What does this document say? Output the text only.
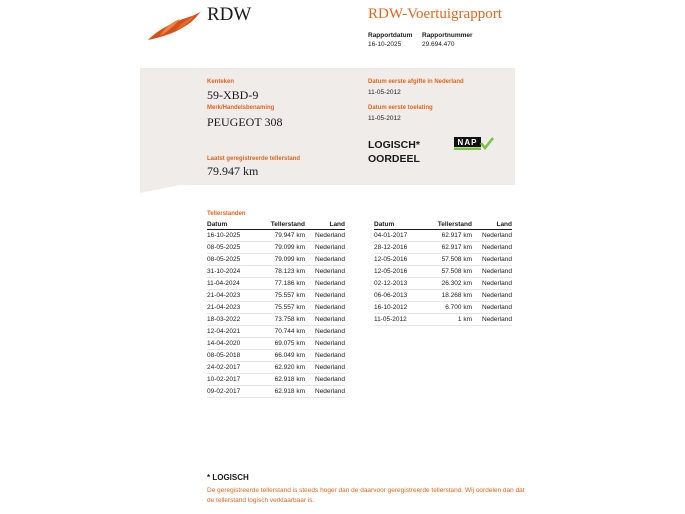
RDW	RDW-Voertuigrapport
Rapportdatum
16-10-2025
Rapportnummer
29.694.470
Kenteken
59-XBD-9
Merk/Handelsbenaming
PEUGEOT 308
Laatst geregistreerde tellerstand
79.947 km
Datum eerste afgifte in Nederland
11-05-2012
Datum eerste toelating
11-05-2012
LOGISCH*
OORDEEL
NAP
Tellerstanden
Datum	Tellerstand	Land
16-10-2025	79.947 km	Nederland
08-05-2025	79.099 km	Nederland
08-05-2025	79.099 km	Nederland
31-10-2024	78.123 km	Nederland
11-04-2024	77.186 km	Nederland
21-04-2023	75.557 km	Nederland
21-04-2023	75.557 km	Nederland
18-03-2022	73.758 km	Nederland
12-04-2021	70.744 km	Nederland
14-04-2020	69.075 km	Nederland
08-05-2018	66.049 km	Nederland
24-02-2017	62.920 km	Nederland
10-02-2017	62.918 km	Nederland
09-02-2017	62.918 km	Nederland
Datum	Tellerstand	Land
04-01-2017	62.917 km	Nederland
28-12-2016	62.917 km	Nederland
12-05-2016	57.508 km	Nederland
12-05-2016	57.508 km	Nederland
02-12-2013	26.302 km	Nederland
06-06-2013	18.268 km	Nederland
16-10-2012	6.700 km	Nederland
11-05-2012	1 km	Nederland
* LOGISCH
De geregistreerde tellerstand is steeds hoger dan de daarvoor geregistreerde tellerstand. Wij oordelen dan dat de tellerstand logisch verklaarbaar is.
